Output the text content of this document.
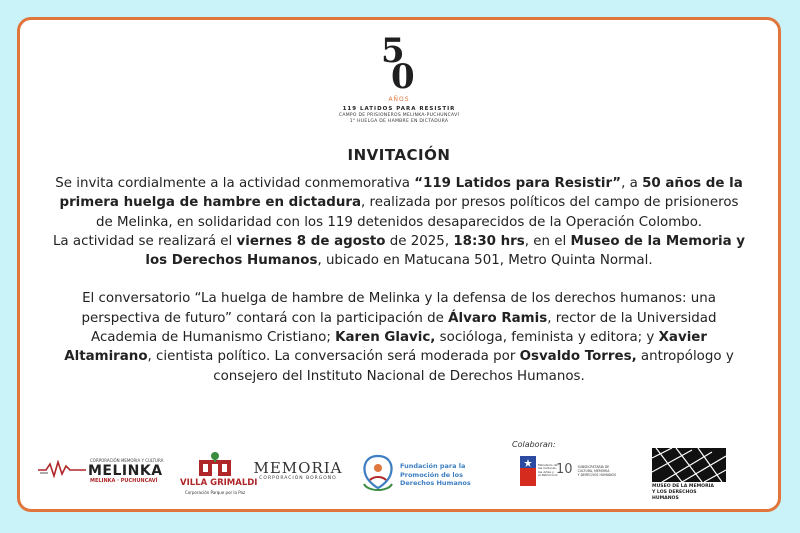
5
0
AÑOS
119 LATIDOS PARA RESISTIR
CAMPO DE PRISIONEROS MELINKA-PUCHUNCAVÍ
1° HUELGA DE HAMBRE EN DICTADURA
INVITACIÓN

Se invita cordialmente a la actividad conmemorativa “119 Latidos para Resistir”, a 50 años de la primera huelga de hambre en dictadura, realizada por presos políticos del campo de prisioneros de Melinka, en solidaridad con los 119 detenidos desaparecidos de la Operación Colombo.

La actividad se realizará el viernes 8 de agosto de 2025, 18:30 hrs, en el Museo de la Memoria y los Derechos Humanos, ubicado en Matucana 501, Metro Quinta Normal.

El conversatorio “La huelga de hambre de Melinka y la defensa de los derechos humanos: una perspectiva de futuro” contará con la participación de Álvaro Ramis, rector de la Universidad Academia de Humanismo Cristiano; Karen Glavic, socióloga, feminista y editora; y Xavier Altamirano, cientista político. La conversación será moderada por Osvaldo Torres, antropólogo y consejero del Instituto Nacional de Derechos Humanos.

CORPORACIÓN MEMORIA Y CULTURA
MELINKA
MELINKA · PUCHUNCAVÍ	VILLA GRIMALDI
Corporación Parque por la Paz
MEMORIA
CORPORACIÓN BORGOÑO
Fundación para la
Promoción de los
Derechos Humanos
Colaboran:
Ministerio de
las Culturas,
las Artes y
el Patrimonio
10 SUBSECRETARÍA DE
CULTURA, MEMORIA
Y DERECHOS HUMANOS
MUSEO DE LA MEMORIA
Y LOS DERECHOS
HUMANOS
